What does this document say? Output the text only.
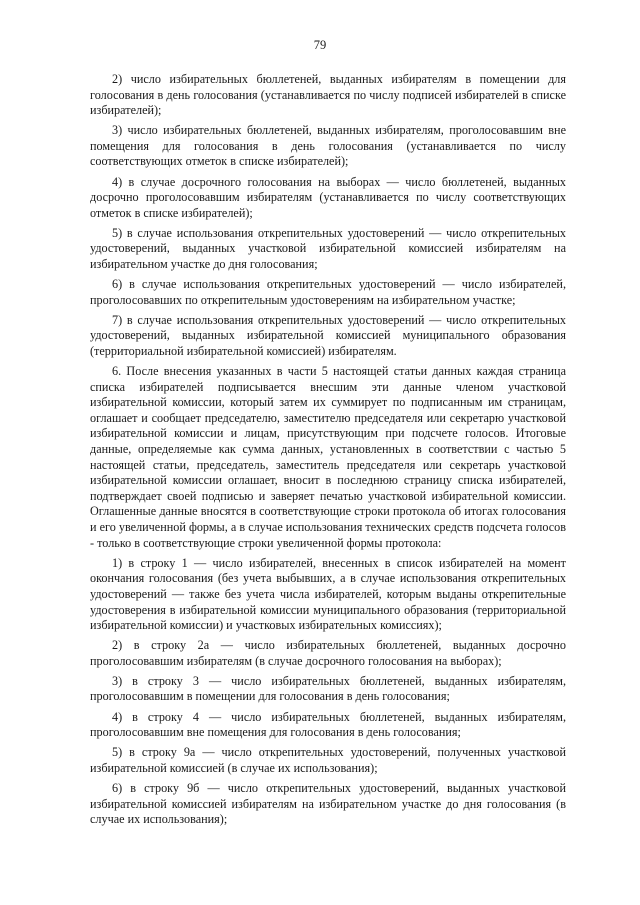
79

2) число избирательных бюллетеней, выданных избирателям в помещении для голосования в день голосования (устанавливается по числу подписей избирателей в списке избирателей);

3) число избирательных бюллетеней, выданных избирателям, проголосовавшим вне помещения для голосования в день голосования (устанавливается по числу соответствующих отметок в списке избирателей);

4) в случае досрочного голосования на выборах — число бюллетеней, выданных досрочно проголосовавшим избирателям (устанавливается по числу соответствующих отметок в списке избирателей);

5) в случае использования открепительных удостоверений — число открепительных удостоверений, выданных участковой избирательной комиссией избирателям на избирательном участке до дня голосования;

6) в случае использования открепительных удостоверений — число избирателей, проголосовавших по открепительным удостоверениям на избирательном участке;

7) в случае использования открепительных удостоверений — число открепительных удостоверений, выданных избирательной комиссией муниципального образования (территориальной избирательной комиссией) избирателям.

6. После внесения указанных в части 5 настоящей статьи данных каждая страница списка избирателей подписывается внесшим эти данные членом участковой избирательной комиссии, который затем их суммирует по подписанным им страницам, оглашает и сообщает председателю, заместителю председателя или секретарю участковой избирательной комиссии и лицам, присутствующим при подсчете голосов. Итоговые данные, определяемые как сумма данных, установленных в соответствии с частью 5 настоящей статьи, председатель, заместитель председателя или секретарь участковой избирательной комиссии оглашает, вносит в последнюю страницу списка избирателей, подтверждает своей подписью и заверяет печатью участковой избирательной комиссии. Оглашенные данные вносятся в соответствующие строки протокола об итогах голосования и его увеличенной формы, а в случае использования технических средств подсчета голосов - только в соответствующие строки увеличенной формы протокола:

1) в строку 1 — число избирателей, внесенных в список избирателей на момент окончания голосования (без учета выбывших, а в случае использования открепительных удостоверений — также без учета числа избирателей, которым выданы открепительные удостоверения в избирательной комиссии муниципального образования (территориальной избирательной комиссии) и участковых избирательных комиссиях);

2) в строку 2а — число избирательных бюллетеней, выданных досрочно проголосовавшим избирателям (в случае досрочного голосования на выборах);

3) в строку 3 — число избирательных бюллетеней, выданных избирателям, проголосовавшим в помещении для голосования в день голосования;

4) в строку 4 — число избирательных бюллетеней, выданных избирателям, проголосовавшим вне помещения для голосования в день голосования;

5) в строку 9а — число открепительных удостоверений, полученных участковой избирательной комиссией (в случае их использования);

6) в строку 9б — число открепительных удостоверений, выданных участковой избирательной комиссией избирателям на избирательном участке до дня голосования (в случае их использования);
